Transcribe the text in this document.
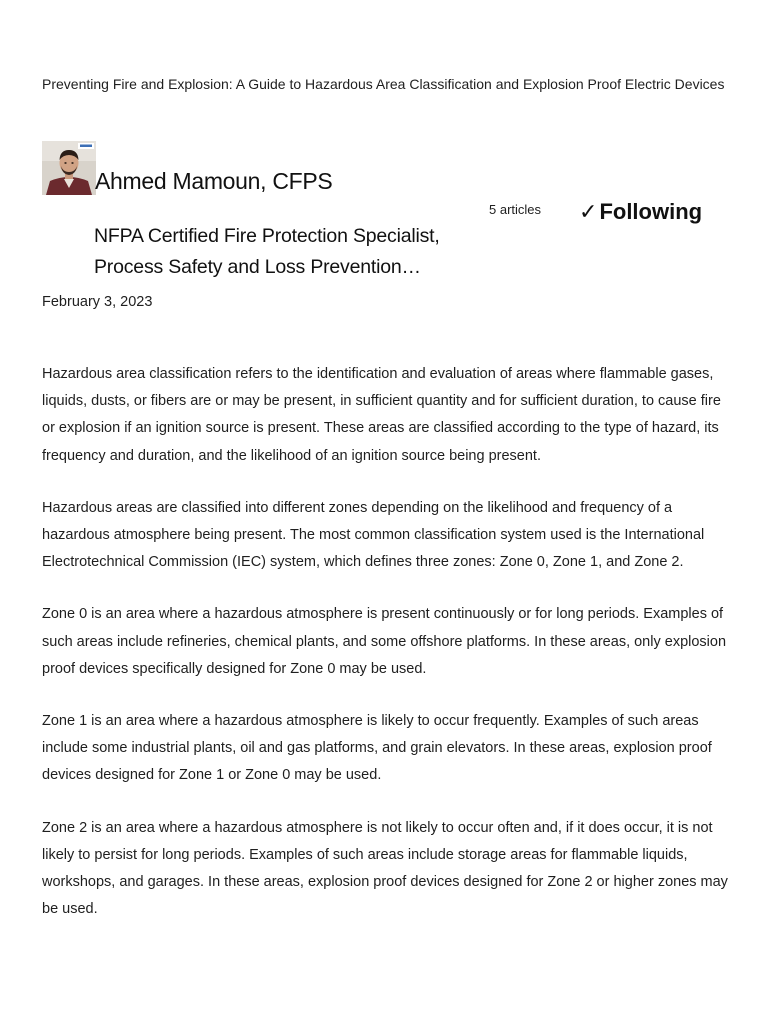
Preventing Fire and Explosion: A Guide to Hazardous Area Classification and Explosion Proof Electric Devices
Ahmed Mamoun, CFPS
5 articles ✓Following
NFPA Certified Fire Protection Specialist, Process Safety and Loss Prevention…
February 3, 2023

Hazardous area classification refers to the identification and evaluation of areas where flammable gases, liquids, dusts, or fibers are or may be present, in sufficient quantity and for sufficient duration, to cause fire or explosion if an ignition source is present. These areas are classified according to the type of hazard, its frequency and duration, and the likelihood of an ignition source being present.

Hazardous areas are classified into different zones depending on the likelihood and frequency of a hazardous atmosphere being present. The most common classification system used is the International Electrotechnical Commission (IEC) system, which defines three zones: Zone 0, Zone 1, and Zone 2.

Zone 0 is an area where a hazardous atmosphere is present continuously or for long periods. Examples of such areas include refineries, chemical plants, and some offshore platforms. In these areas, only explosion proof devices specifically designed for Zone 0 may be used.

Zone 1 is an area where a hazardous atmosphere is likely to occur frequently. Examples of such areas include some industrial plants, oil and gas platforms, and grain elevators. In these areas, explosion proof devices designed for Zone 1 or Zone 0 may be used.

Zone 2 is an area where a hazardous atmosphere is not likely to occur often and, if it does occur, it is not likely to persist for long periods. Examples of such areas include storage areas for flammable liquids, workshops, and garages. In these areas, explosion proof devices designed for Zone 2 or higher zones may be used.
